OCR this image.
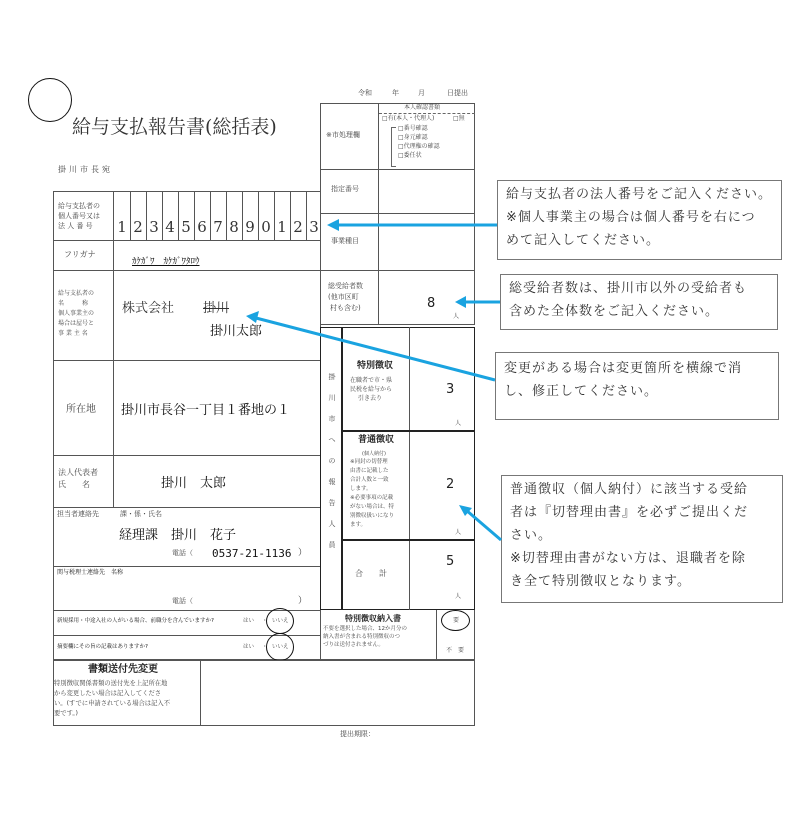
給与支払報告書(総括表)
掛川市長宛
令和	年	月	日提出
※市処理欄
本人確認書類
□有(本人・代理人)	□無
□番号確認
□身元確認
□代理権の確認
□委任状
指定番号
事業種目
総受給者数
(他市区町
村も含む)	8
人
給与支払者の
個人番号又は
法 人 番 号 1 2 3 4 5 6 7 8 9 0 1 2 3
フリガナ
ｶｹｶﾞﾜ　ｶｹｶﾞﾜﾀﾛｳ
給与支払者の
名　　　称
個人事業主の
場合は屋号と
事 業 主 名
株式会社 掛川
掛川太郎
所在地 掛川市長谷一丁目１番地の１
法人代表者
氏　　名	掛川　太郎
担当者連絡先	課・係・氏名
経理課　掛川　花子
電話（ 0537-21-1136 ）
関与税理士連絡先　名称
電話（	）
掛
川
市
へ
の
報
告
人
員
特別徴収
在職者で市・県
民税を給与から
引き去り
3
人
普通徴収
(個人納付)
※同封の切替理
由書に記載した
合計人数と一致
します。
※必要事項の記載
がない場合は、特
別徴収扱いになり
ます。
2
人
合　　計
5
人
新規採用・中途入社の人がいる場合、前職分を含んでいますか?	はい ・ いいえ
摘要欄にその旨の記載はありますか?	はい ・ いいえ
特別徴収納入書
不要を選択した場合、12か月分の
納入書が含まれる特別徴収のつ
づりは送付されません。
要
不　要
書類送付先変更
特別徴収関係書類の送付先を上記所在地
から変更したい場合は記入してくださ
い。(すでに申請されている場合は記入不
要です。)
提出期限：
給与支払者の法人番号をご記入ください。
※個人事業主の場合は個人番号を右につ
めて記入してください。
総受給者数は、掛川市以外の受給者も
含めた全体数をご記入ください。
変更がある場合は変更箇所を横線で消
し、修正してください。
普通徴収（個人納付）に該当する受給
者は『切替理由書』を必ずご提出くだ
さい。
※切替理由書がない方は、退職者を除
き全て特別徴収となります。
